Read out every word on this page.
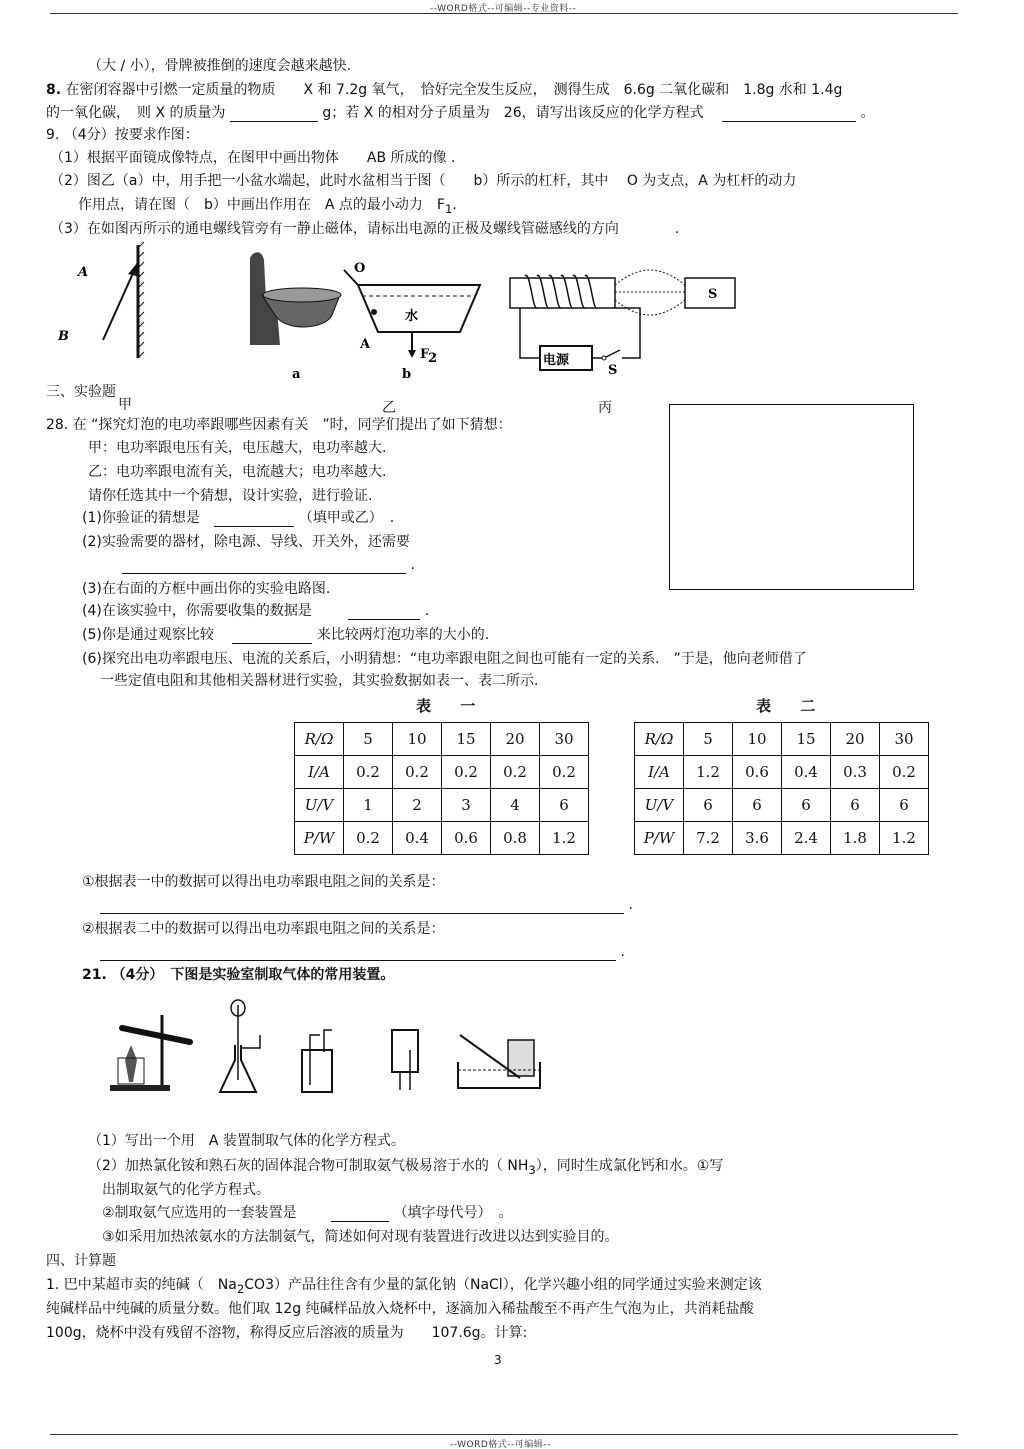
--WORD格式--可编辑--专业资料--
（大 / 小），骨牌被推倒的速度会越来越快.
8. 在密闭容器中引燃一定质量的物质　　X 和 7.2g 氧气，　恰好完全发生反应，　测得生成　6.6g 二氧化碳和　1.8g 水和 1.4g
的一氧化碳，　则 X 的质量为	g；若 X 的相对分子质量为　26，请写出该反应的化学方程式	。
9. （4分）按要求作图：
（1）根据平面镜成像特点，在图甲中画出物体　　AB 所成的像 .
（2）图乙（a）中，用手把一小盆水端起，此时水盆相当于图（　　b）所示的杠杆，其中　 O 为支点，A 为杠杆的动力
作用点，请在图（　b）中画出作用在　A 点的最小动力　$F_1$.
（3）在如图丙所示的通电螺线管旁有一静止磁体，请标出电源的正极及螺线管磁感线的方向　　　　.
A
B
a
O
水
A
F
2
b
S
电源
S
三、实验题
甲	乙	丙
28. 在 “探究灯泡的电功率跟哪些因素有关　”时，同学们提出了如下猜想：
甲：电功率跟电压有关，电压越大，电功率越大.
乙：电功率跟电流有关，电流越大；电功率越大.
请你任选其中一个猜想，设计实验，进行验证.
(1)你验证的猜想是	（填甲或乙）　.
(2)实验需要的器材，除电源、导线、开关外，还需要
.
(3)在右面的方框中画出你的实验电路图.
(4)在该实验中，你需要收集的数据是	.
(5)你是通过观察比较	来比较两灯泡功率的大小的.
(6)探究出电功率跟电压、电流的关系后，小明猜想：“电功率跟电阻之间也可能有一定的关系.　”于是，他向老师借了
一些定值电阻和其他相关器材进行实验，其实验数据如表一、表二所示.
表 一	表 二
R/Ω	5	10	15	20	30
I/A	0.2	0.2	0.2	0.2	0.2
U/V	1	2	3	4	6
P/W	0.2	0.4	0.6	0.8	1.2
R/Ω	5	10	15	20	30
I/A	1.2	0.6	0.4	0.3	0.2
U/V	6	6	6	6	6
P/W	7.2	3.6	2.4	1.8	1.2
①根据表一中的数据可以得出电功率跟电阻之间的关系是：
.
②根据表二中的数据可以得出电功率跟电阻之间的关系是：
.
21. （4分）　下图是实验室制取气体的常用装置。
（1）写出一个用　A 装置制取气体的化学方程式。
（2）加热氯化铵和熟石灰的固体混合物可制取氨气极易溶于水的（ $NH_3$），同时生成氯化钙和水。①写
出制取氨气的化学方程式。
②制取氨气应选用的一套装置是	（填字母代号）　。
③如采用加热浓氨水的方法制氨气，简述如何对现有装置进行改进以达到实验目的。
四、计算题
1. 巴中某超市卖的纯碱（　$Na_2CO3$）产品往往含有少量的氯化钠（NaCl），化学兴趣小组的同学通过实验来测定该
纯碱样品中纯碱的质量分数。他们取 12g 纯碱样品放入烧杯中，逐滴加入稀盐酸至不再产生气泡为止，共消耗盐酸
100g，烧杯中没有残留不溶物，称得反应后溶液的质量为　　107.6g。计算:
3
--WORD格式--可编辑--
